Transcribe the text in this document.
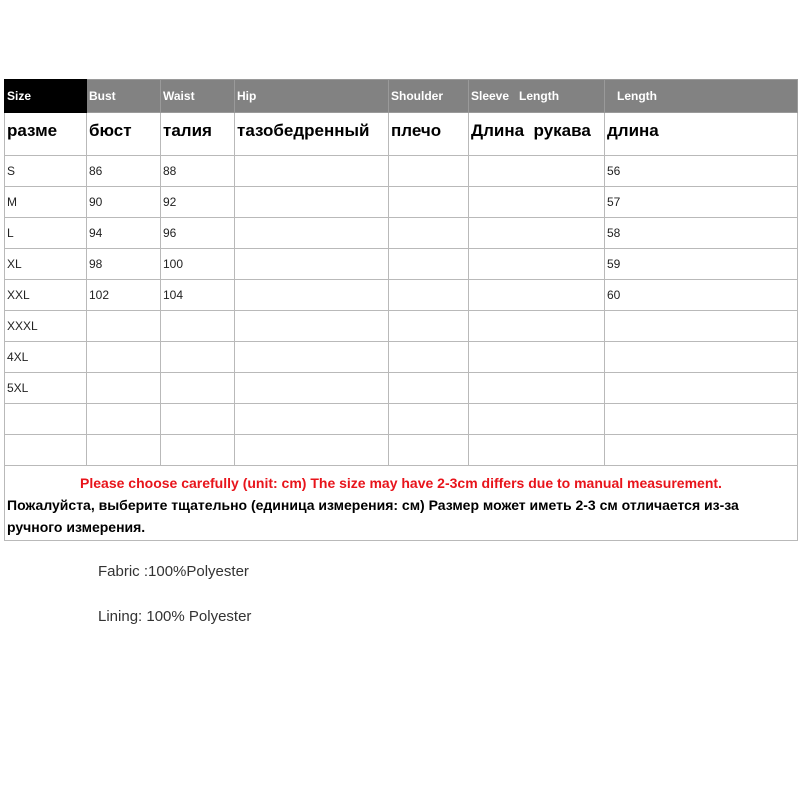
Size	Bust	Waist	Hip	Shoulder	Sleeve   Length	Length
разме	бюст	талия	тазобедренный	плечо	Длина  рукава	длина
S	86	88				56
M	90	92				57
L	94	96				58
XL	98	100				59
XXL	102	104				60
XXXL						
4XL						
5XL						

Please choose carefully (unit: cm) The size may have 2-3cm differs due to manual measurement.
Пожалуйста, выберите тщательно (единица измерения: см) Размер может иметь 2-3 см отличается из-за ручного измерения.						
Fabric :100%Polyester
Lining: 100% Polyester
